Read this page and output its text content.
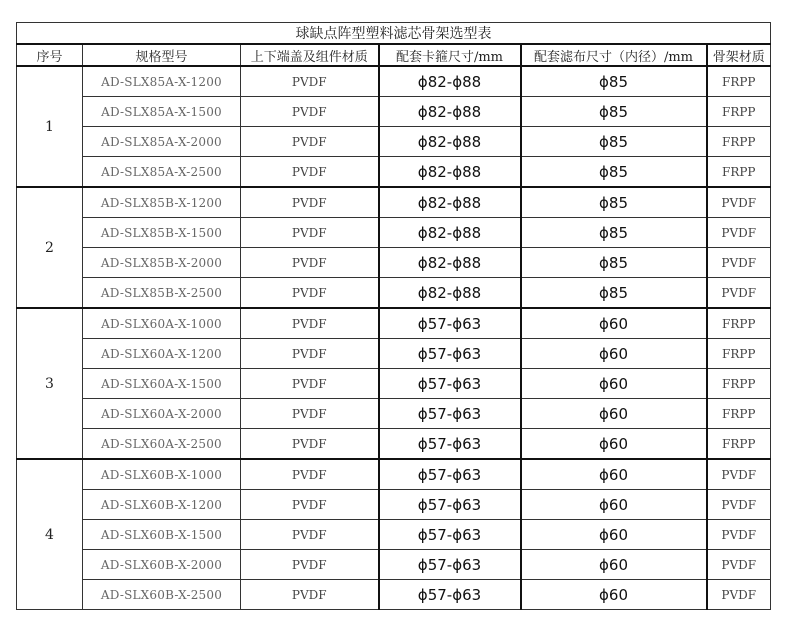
球缺点阵型塑料滤芯骨架选型表					
序号	规格型号	上下端盖及组件材质	配套卡箍尺寸/mm	配套滤布尺寸（内径）/mm	骨架材质
1	AD-SLX85A-X-1200	PVDF	ϕ82-ϕ88	ϕ85	FRPP
	AD-SLX85A-X-1500	PVDF	ϕ82-ϕ88	ϕ85	FRPP
	AD-SLX85A-X-2000	PVDF	ϕ82-ϕ88	ϕ85	FRPP
	AD-SLX85A-X-2500	PVDF	ϕ82-ϕ88	ϕ85	FRPP
2	AD-SLX85B-X-1200	PVDF	ϕ82-ϕ88	ϕ85	PVDF
	AD-SLX85B-X-1500	PVDF	ϕ82-ϕ88	ϕ85	PVDF
	AD-SLX85B-X-2000	PVDF	ϕ82-ϕ88	ϕ85	PVDF
	AD-SLX85B-X-2500	PVDF	ϕ82-ϕ88	ϕ85	PVDF
3	AD-SLX60A-X-1000	PVDF	ϕ57-ϕ63	ϕ60	FRPP
	AD-SLX60A-X-1200	PVDF	ϕ57-ϕ63	ϕ60	FRPP
	AD-SLX60A-X-1500	PVDF	ϕ57-ϕ63	ϕ60	FRPP
	AD-SLX60A-X-2000	PVDF	ϕ57-ϕ63	ϕ60	FRPP
	AD-SLX60A-X-2500	PVDF	ϕ57-ϕ63	ϕ60	FRPP
4	AD-SLX60B-X-1000	PVDF	ϕ57-ϕ63	ϕ60	PVDF
	AD-SLX60B-X-1200	PVDF	ϕ57-ϕ63	ϕ60	PVDF
	AD-SLX60B-X-1500	PVDF	ϕ57-ϕ63	ϕ60	PVDF
	AD-SLX60B-X-2000	PVDF	ϕ57-ϕ63	ϕ60	PVDF
	AD-SLX60B-X-2500	PVDF	ϕ57-ϕ63	ϕ60	PVDF
